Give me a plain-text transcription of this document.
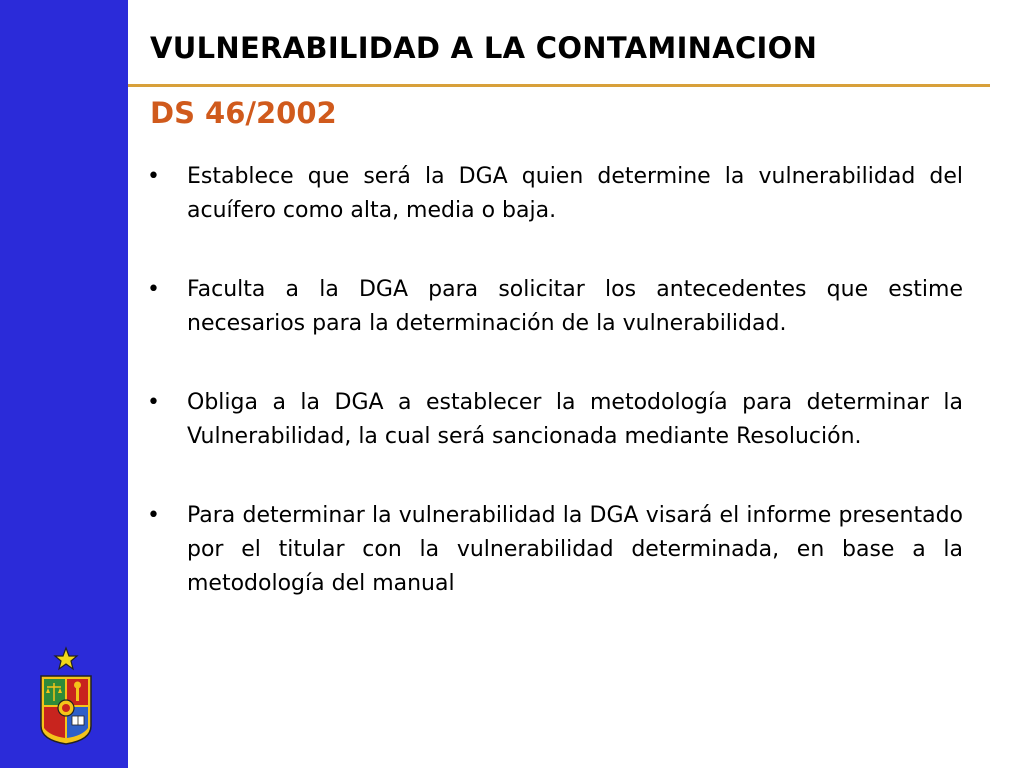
VULNERABILIDAD A LA CONTAMINACION
DS 46/2002
• Establece que será la DGA quien determine la vulnerabilidad del acuífero como alta, media o baja.
• Faculta a la DGA para solicitar los antecedentes que estime necesarios para la determinación de la vulnerabilidad.
• Obliga a la DGA a establecer la metodología para determinar la Vulnerabilidad, la cual será sancionada mediante Resolución.
• Para determinar la vulnerabilidad la DGA visará el informe presentado por el titular con la vulnerabilidad determinada, en base a la metodología del manual
